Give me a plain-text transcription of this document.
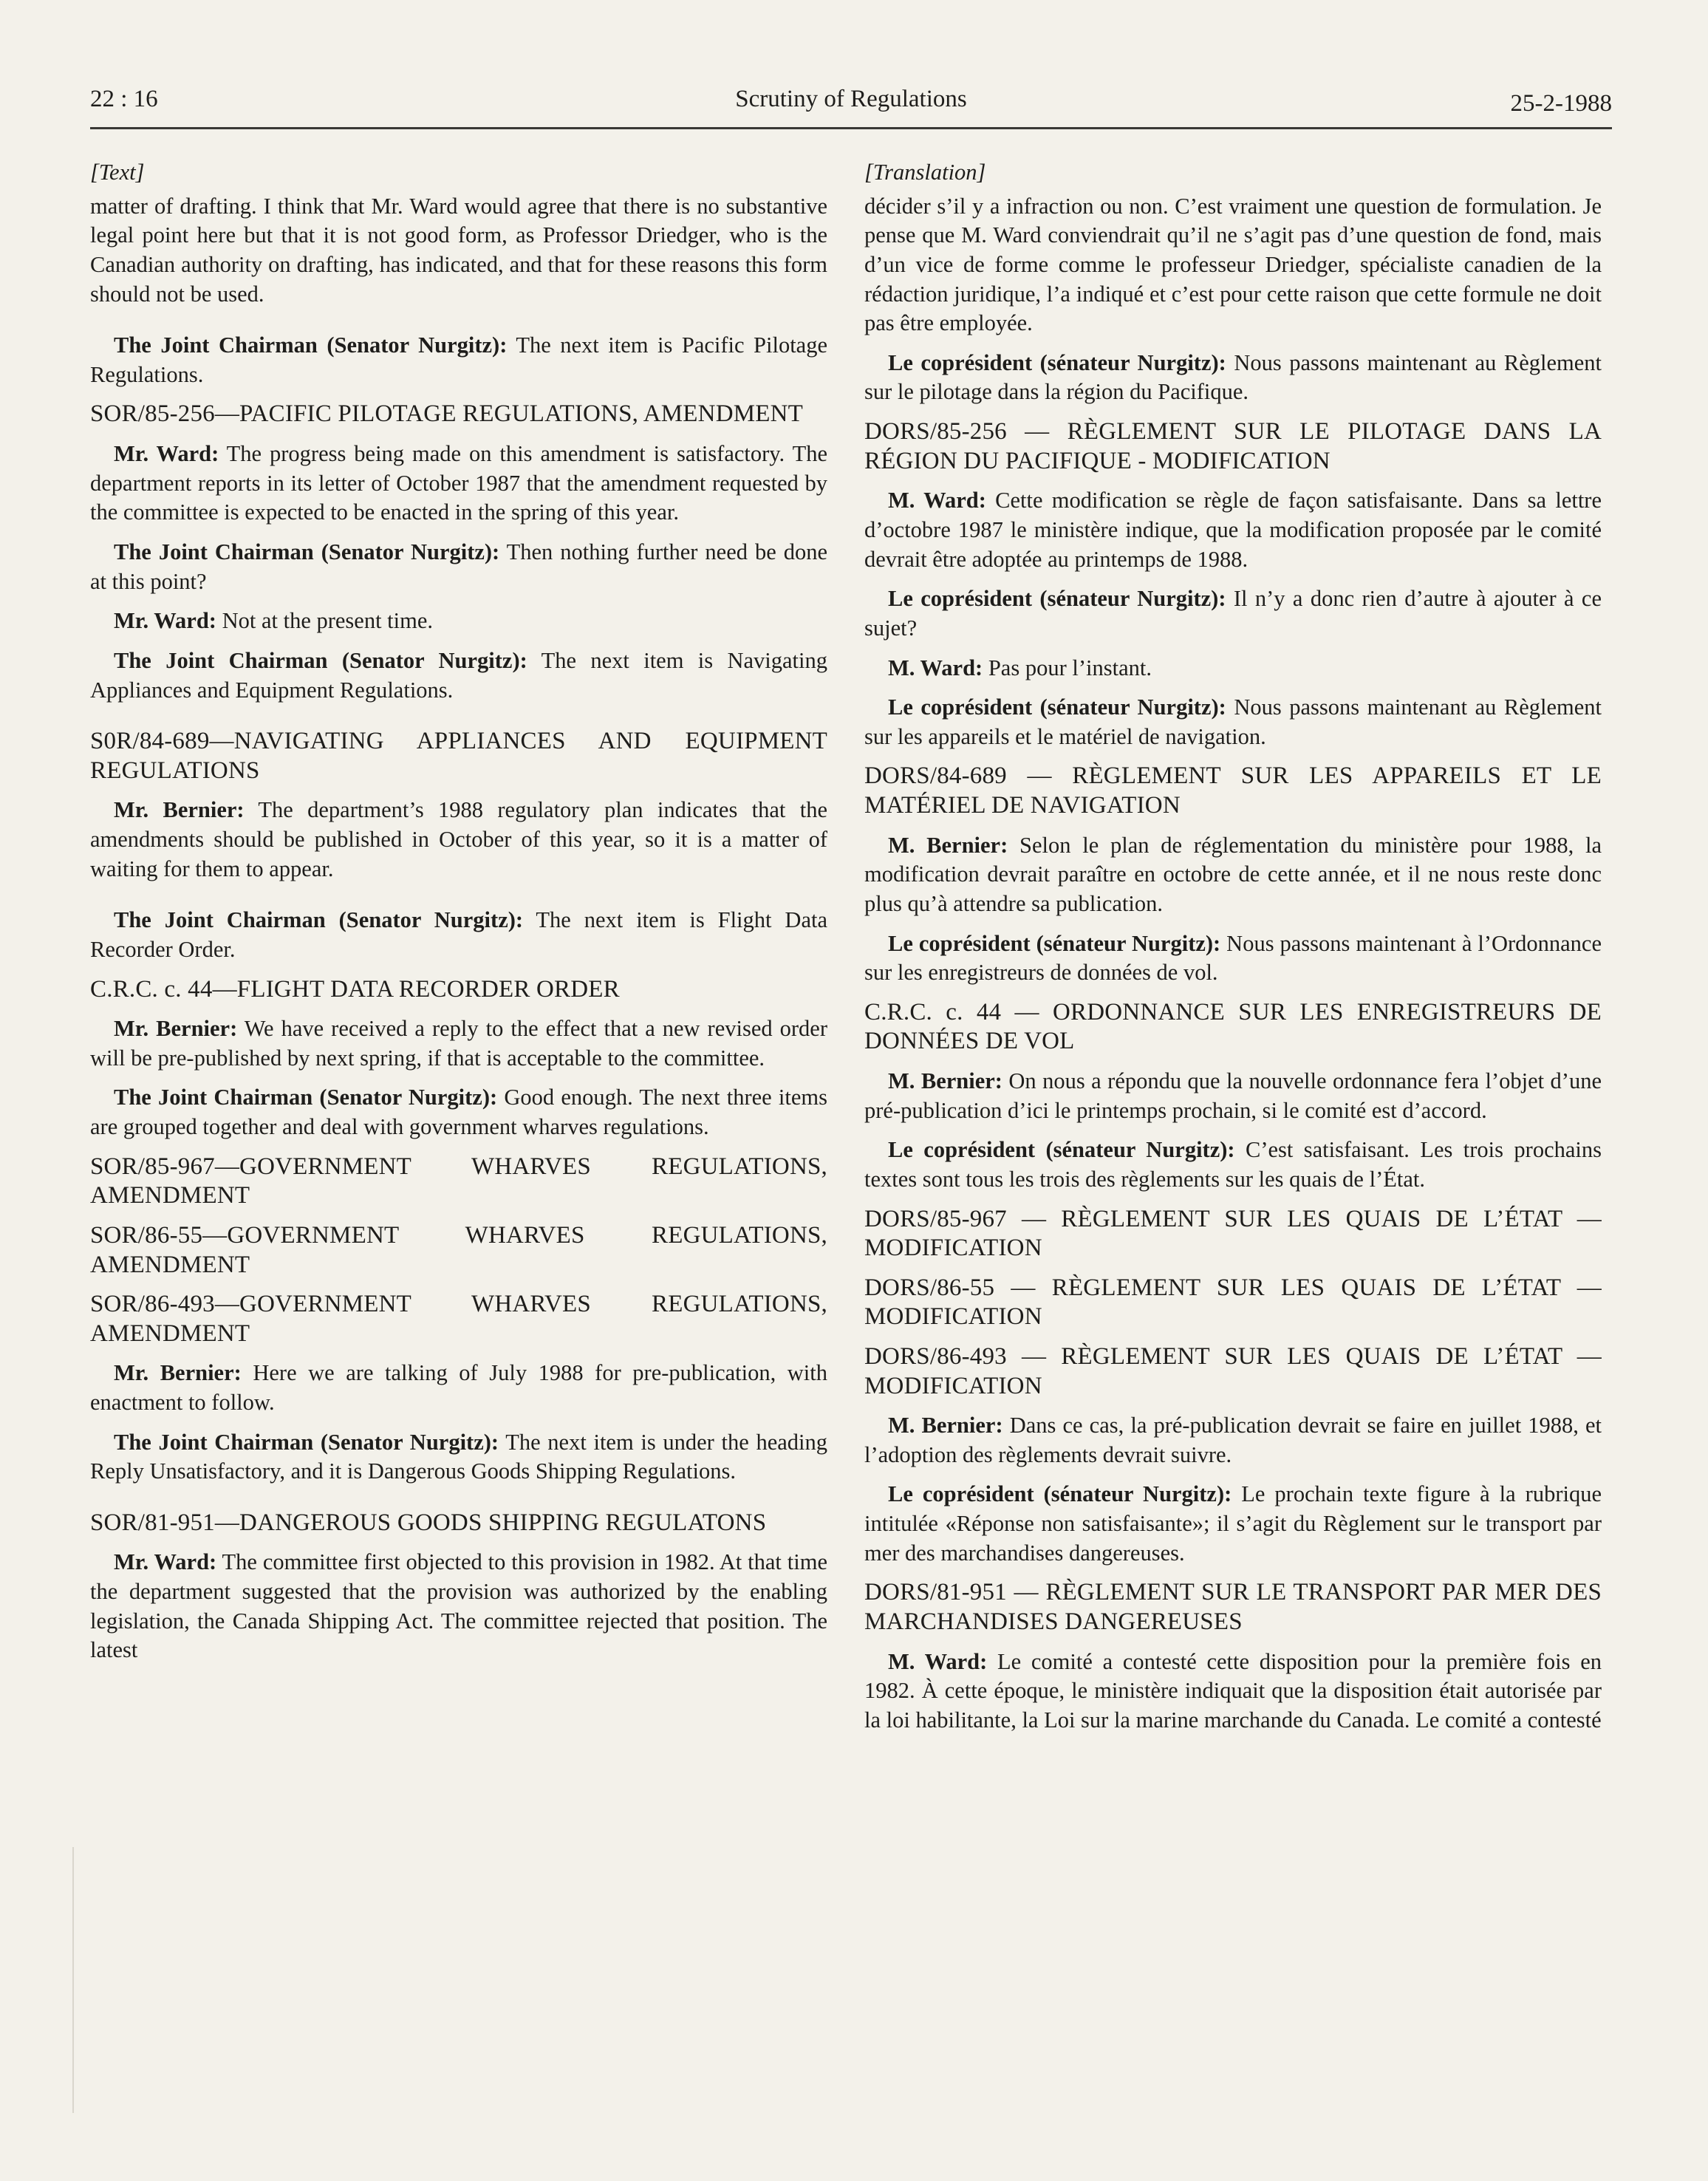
22 : 16	Scrutiny of Regulations	25-2-1988
[Text]

matter of drafting. I think that Mr. Ward would agree that there is no substantive legal point here but that it is not good form, as Professor Driedger, who is the Canadian authority on drafting, has indicated, and that for these reasons this form should not be used.

The Joint Chairman (Senator Nurgitz): The next item is Pacific Pilotage Regulations.

SOR/85-256—PACIFIC PILOTAGE REGULATIONS, AMENDMENT

Mr. Ward: The progress being made on this amendment is satisfactory. The department reports in its letter of October 1987 that the amendment requested by the committee is expected to be enacted in the spring of this year.

The Joint Chairman (Senator Nurgitz): Then nothing further need be done at this point?

Mr. Ward: Not at the present time.

The Joint Chairman (Senator Nurgitz): The next item is Navigating Appliances and Equipment Regulations.

S0R/84-689—NAVIGATING APPLIANCES AND EQUIPMENT REGULATIONS

Mr. Bernier: The department’s 1988 regulatory plan indicates that the amendments should be published in October of this year, so it is a matter of waiting for them to appear.

The Joint Chairman (Senator Nurgitz): The next item is Flight Data Recorder Order.

C.R.C. c. 44—FLIGHT DATA RECORDER ORDER

Mr. Bernier: We have received a reply to the effect that a new revised order will be pre-published by next spring, if that is acceptable to the committee.

The Joint Chairman (Senator Nurgitz): Good enough. The next three items are grouped together and deal with government wharves regulations.

SOR/85-967—GOVERNMENT WHARVES REGULATIONS, AMENDMENT
SOR/86-55—GOVERNMENT WHARVES REGULATIONS, AMENDMENT
SOR/86-493—GOVERNMENT WHARVES REGULATIONS, AMENDMENT

Mr. Bernier: Here we are talking of July 1988 for pre-publication, with enactment to follow.

The Joint Chairman (Senator Nurgitz): The next item is under the heading Reply Unsatisfactory, and it is Dangerous Goods Shipping Regulations.

SOR/81-951—DANGEROUS GOODS SHIPPING REGULATONS

Mr. Ward: The committee first objected to this provision in 1982. At that time the department suggested that the provision was authorized by the enabling legislation, the Canada Shipping Act. The committee rejected that position. The latest

[Translation]

décider s’il y a infraction ou non. C’est vraiment une question de formulation. Je pense que M. Ward conviendrait qu’il ne s’agit pas d’une question de fond, mais d’un vice de forme comme le professeur Driedger, spécialiste canadien de la rédaction juridique, l’a indiqué et c’est pour cette raison que cette formule ne doit pas être employée.

Le coprésident (sénateur Nurgitz): Nous passons maintenant au Règlement sur le pilotage dans la région du Pacifique.

DORS/85-256 — RÈGLEMENT SUR LE PILOTAGE DANS LA RÉGION DU PACIFIQUE - MODIFICATION

M. Ward: Cette modification se règle de façon satisfaisante. Dans sa lettre d’octobre 1987 le ministère indique, que la modification proposée par le comité devrait être adoptée au printemps de 1988.

Le coprésident (sénateur Nurgitz): Il n’y a donc rien d’autre à ajouter à ce sujet?

M. Ward: Pas pour l’instant.

Le coprésident (sénateur Nurgitz): Nous passons maintenant au Règlement sur les appareils et le matériel de navigation.

DORS/84-689 — RÈGLEMENT SUR LES APPAREILS ET LE MATÉRIEL DE NAVIGATION

M. Bernier: Selon le plan de réglementation du ministère pour 1988, la modification devrait paraître en octobre de cette année, et il ne nous reste donc plus qu’à attendre sa publication.

Le coprésident (sénateur Nurgitz): Nous passons maintenant à l’Ordonnance sur les enregistreurs de données de vol.

C.R.C. c. 44 — ORDONNANCE SUR LES ENREGISTREURS DE DONNÉES DE VOL

M. Bernier: On nous a répondu que la nouvelle ordonnance fera l’objet d’une pré-publication d’ici le printemps prochain, si le comité est d’accord.

Le coprésident (sénateur Nurgitz): C’est satisfaisant. Les trois prochains textes sont tous les trois des règlements sur les quais de l’État.

DORS/85-967 — RÈGLEMENT SUR LES QUAIS DE L’ÉTAT — MODIFICATION
DORS/86-55 — RÈGLEMENT SUR LES QUAIS DE L’ÉTAT — MODIFICATION
DORS/86-493 — RÈGLEMENT SUR LES QUAIS DE L’ÉTAT — MODIFICATION

M. Bernier: Dans ce cas, la pré-publication devrait se faire en juillet 1988, et l’adoption des règlements devrait suivre.

Le coprésident (sénateur Nurgitz): Le prochain texte figure à la rubrique intitulée «Réponse non satisfaisante»; il s’agit du Règlement sur le transport par mer des marchandises dangereuses.

DORS/81-951 — RÈGLEMENT SUR LE TRANSPORT PAR MER DES MARCHANDISES DANGEREUSES

M. Ward: Le comité a contesté cette disposition pour la première fois en 1982. À cette époque, le ministère indiquait que la disposition était autorisée par la loi habilitante, la Loi sur la marine marchande du Canada. Le comité a contesté
